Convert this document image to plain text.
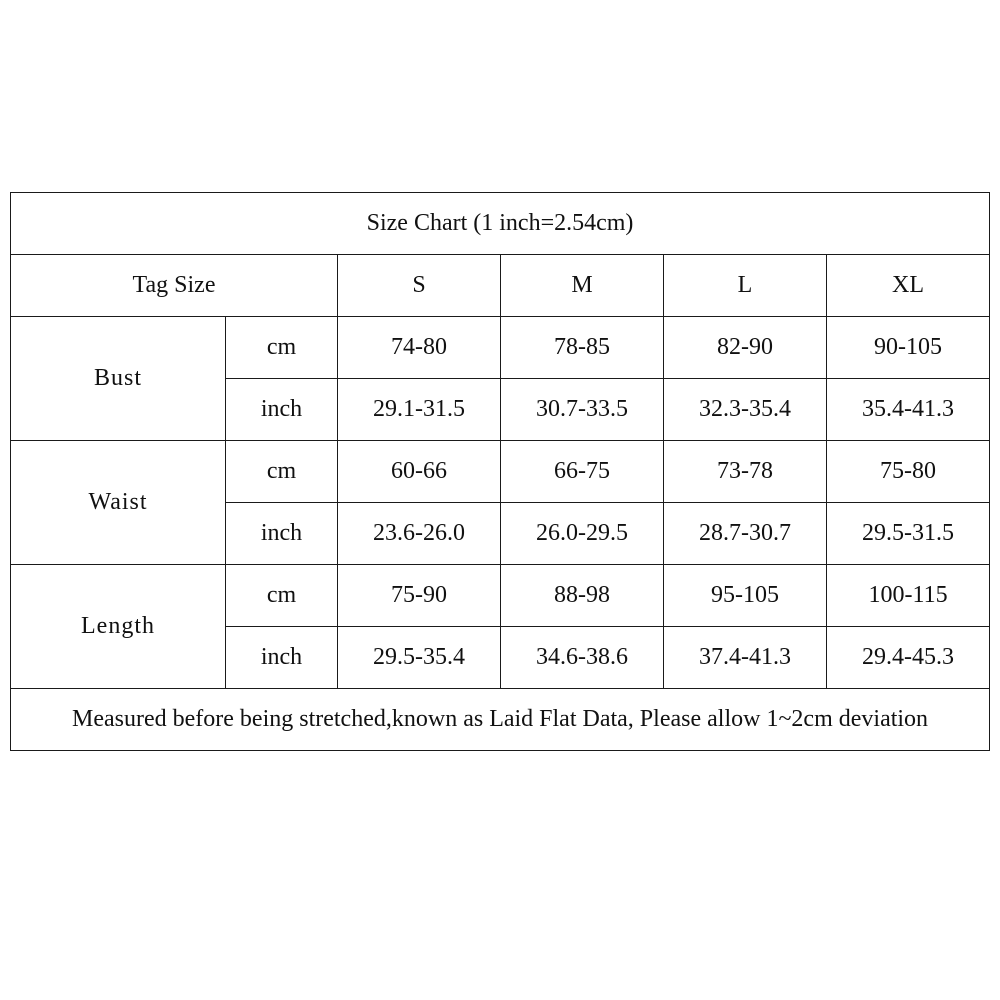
Size Chart (1 inch=2.54cm)					
Tag Size		S	M	L	XL
Bust	cm	74-80	78-85	82-90	90-105
	inch	29.1-31.5	30.7-33.5	32.3-35.4	35.4-41.3
Waist	cm	60-66	66-75	73-78	75-80
	inch	23.6-26.0	26.0-29.5	28.7-30.7	29.5-31.5
Length	cm	75-90	88-98	95-105	100-115
	inch	29.5-35.4	34.6-38.6	37.4-41.3	29.4-45.3
Measured before being stretched,known as Laid Flat Data, Please allow 1~2cm deviation					
